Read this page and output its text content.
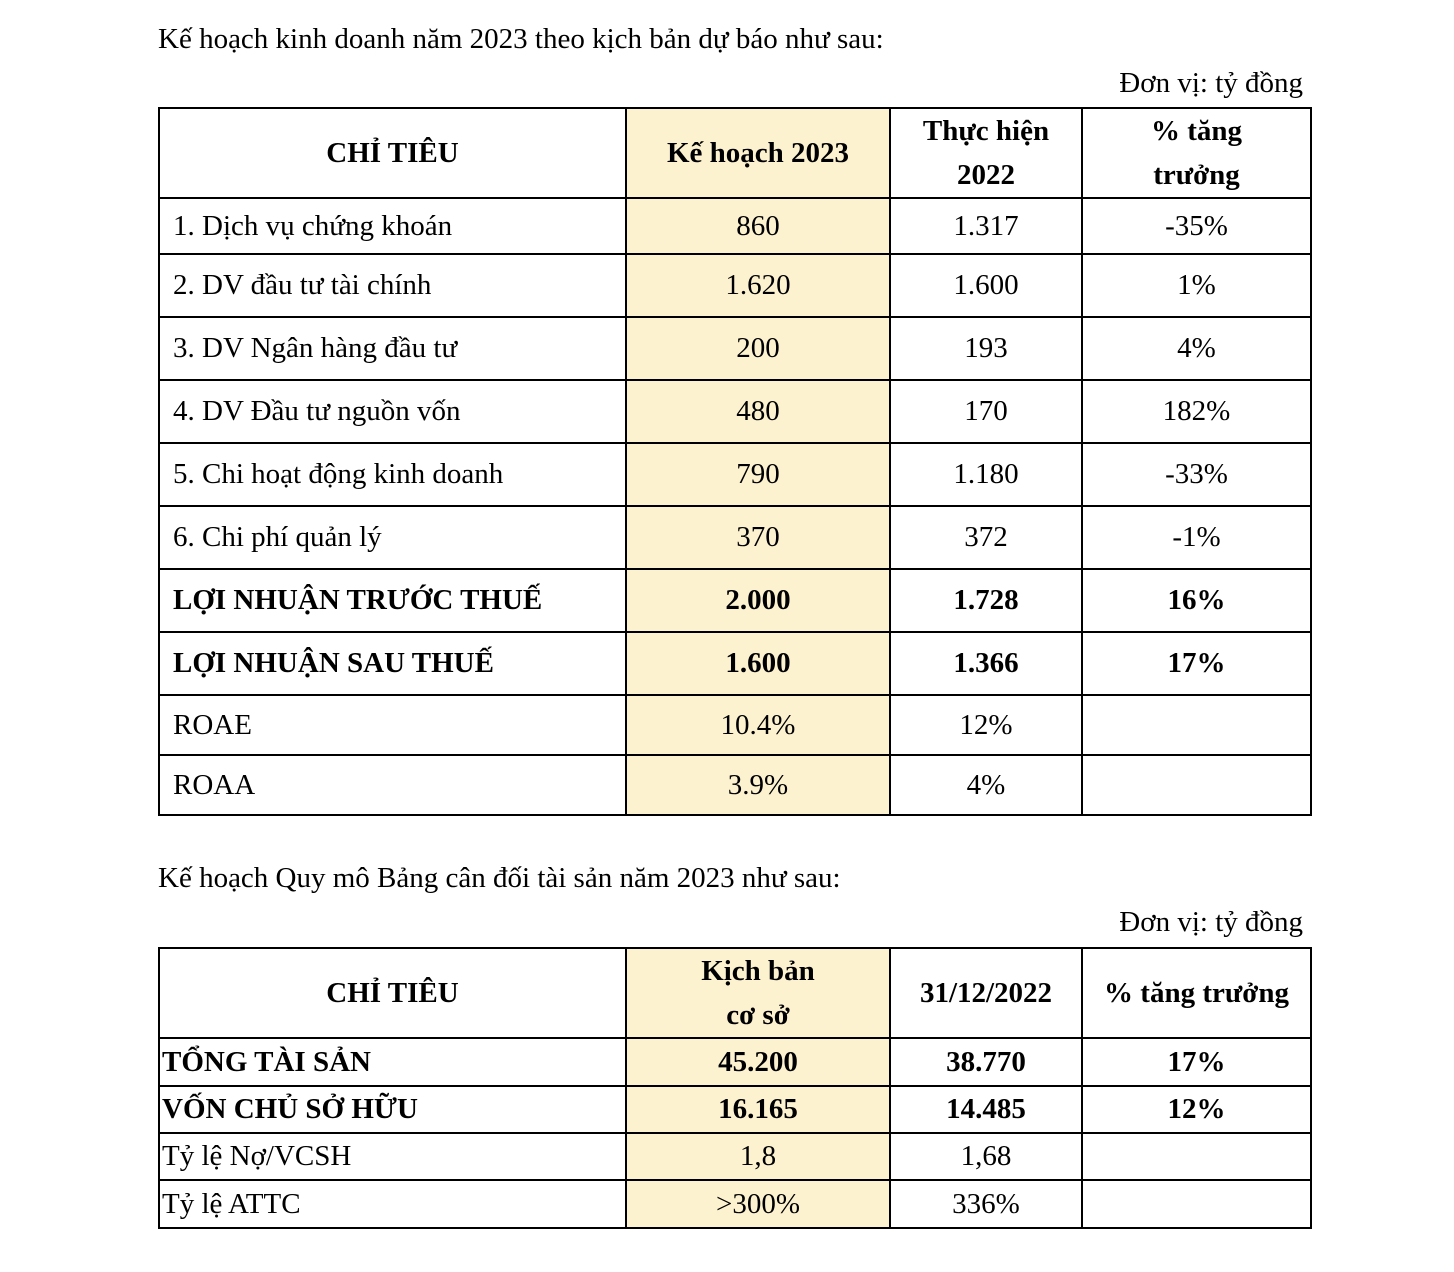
Kế hoạch kinh doanh năm 2023 theo kịch bản dự báo như sau:
Đơn vị: tỷ đồng
CHỈ TIÊU	Kế hoạch 2023	Thực hiện 2022	% tăng trưởng
1. Dịch vụ chứng khoán	860	1.317	-35%
2. DV đầu tư tài chính	1.620	1.600	1%
3. DV Ngân hàng đầu tư	200	193	4%
4. DV Đầu tư nguồn vốn	480	170	182%
5. Chi hoạt động kinh doanh	790	1.180	-33%
6. Chi phí quản lý	370	372	-1%
LỢI NHUẬN TRƯỚC THUẾ	2.000	1.728	16%
LỢI NHUẬN SAU THUẾ	1.600	1.366	17%
ROAE	10.4%	12%	
ROAA	3.9%	4%	
Kế hoạch Quy mô Bảng cân đối tài sản năm 2023 như sau:
Đơn vị: tỷ đồng
CHỈ TIÊU	Kịch bản cơ sở	31/12/2022	% tăng trưởng
TỔNG TÀI SẢN	45.200	38.770	17%
VỐN CHỦ SỞ HỮU	16.165	14.485	12%
Tỷ lệ Nợ/VCSH	1,8	1,68	
Tỷ lệ ATTC	>300%	336%	
